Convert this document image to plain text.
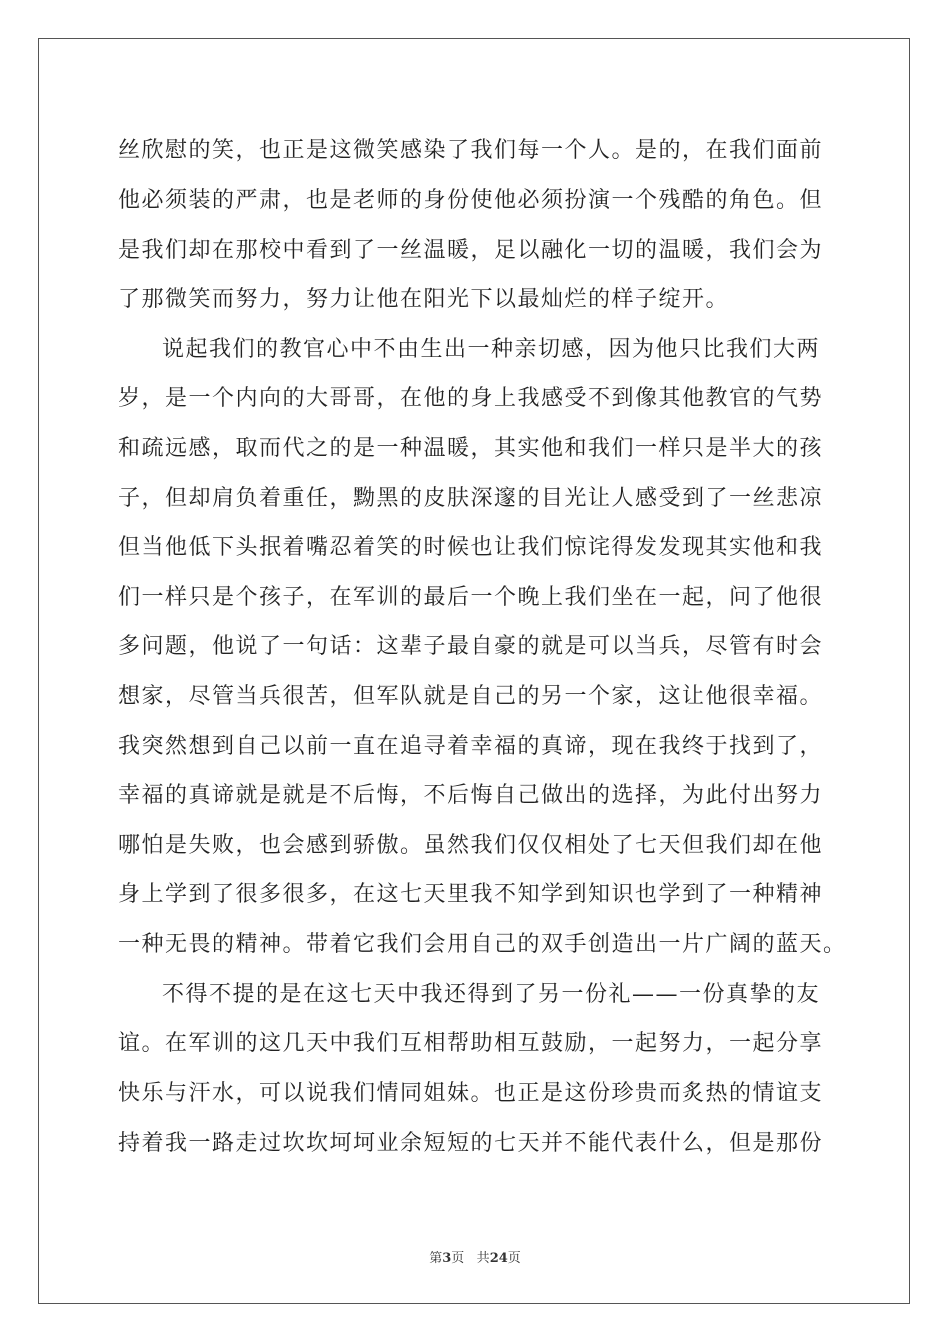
丝欣慰的笑，也正是这微笑感染了我们每一个人。是的，在我们面前
他必须装的严肃，也是老师的身份使他必须扮演一个残酷的角色。但
是我们却在那校中看到了一丝温暖，足以融化一切的温暖，我们会为
了那微笑而努力，努力让他在阳光下以最灿烂的样子绽开。
说起我们的教官心中不由生出一种亲切感，因为他只比我们大两
岁，是一个内向的大哥哥，在他的身上我感受不到像其他教官的气势
和疏远感，取而代之的是一种温暖，其实他和我们一样只是半大的孩
子，但却肩负着重任，黝黑的皮肤深邃的目光让人感受到了一丝悲凉
但当他低下头抿着嘴忍着笑的时候也让我们惊诧得发发现其实他和我
们一样只是个孩子，在军训的最后一个晚上我们坐在一起，问了他很
多问题，他说了一句话：这辈子最自豪的就是可以当兵，尽管有时会
想家，尽管当兵很苦，但军队就是自己的另一个家，这让他很幸福。
我突然想到自己以前一直在追寻着幸福的真谛，现在我终于找到了，
幸福的真谛就是就是不后悔，不后悔自己做出的选择，为此付出努力
哪怕是失败，也会感到骄傲。虽然我们仅仅相处了七天但我们却在他
身上学到了很多很多，在这七天里我不知学到知识也学到了一种精神
一种无畏的精神。带着它我们会用自己的双手创造出一片广阔的蓝天。
不得不提的是在这七天中我还得到了另一份礼——一份真挚的友
谊。在军训的这几天中我们互相帮助相互鼓励，一起努力，一起分享
快乐与汗水，可以说我们情同姐妹。也正是这份珍贵而炙热的情谊支
持着我一路走过坎坎坷坷业余短短的七天并不能代表什么，但是那份
第3页 共24页
